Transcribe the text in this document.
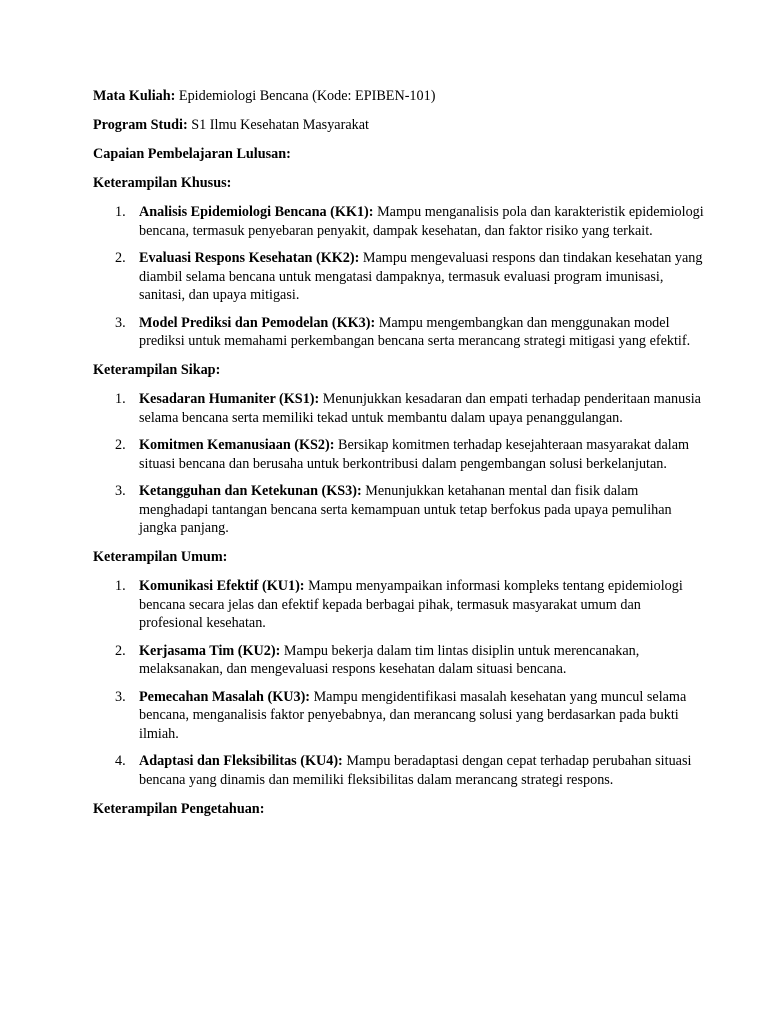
Mata Kuliah: Epidemiologi Bencana (Kode: EPIBEN-101)

Program Studi: S1 Ilmu Kesehatan Masyarakat

Capaian Pembelajaran Lulusan:
Keterampilan Khusus:
1. Analisis Epidemiologi Bencana (KK1): Mampu menganalisis pola dan karakteristik epidemiologi bencana, termasuk penyebaran penyakit, dampak kesehatan, dan faktor risiko yang terkait.
2. Evaluasi Respons Kesehatan (KK2): Mampu mengevaluasi respons dan tindakan kesehatan yang diambil selama bencana untuk mengatasi dampaknya, termasuk evaluasi program imunisasi, sanitasi, dan upaya mitigasi.
3. Model Prediksi dan Pemodelan (KK3): Mampu mengembangkan dan menggunakan model prediksi untuk memahami perkembangan bencana serta merancang strategi mitigasi yang efektif.
Keterampilan Sikap:
1. Kesadaran Humaniter (KS1): Menunjukkan kesadaran dan empati terhadap penderitaan manusia selama bencana serta memiliki tekad untuk membantu dalam upaya penanggulangan.
2. Komitmen Kemanusiaan (KS2): Bersikap komitmen terhadap kesejahteraan masyarakat dalam situasi bencana dan berusaha untuk berkontribusi dalam pengembangan solusi berkelanjutan.
3. Ketangguhan dan Ketekunan (KS3): Menunjukkan ketahanan mental dan fisik dalam menghadapi tantangan bencana serta kemampuan untuk tetap berfokus pada upaya pemulihan jangka panjang.
Keterampilan Umum:
1. Komunikasi Efektif (KU1): Mampu menyampaikan informasi kompleks tentang epidemiologi bencana secara jelas dan efektif kepada berbagai pihak, termasuk masyarakat umum dan profesional kesehatan.
2. Kerjasama Tim (KU2): Mampu bekerja dalam tim lintas disiplin untuk merencanakan, melaksanakan, dan mengevaluasi respons kesehatan dalam situasi bencana.
3. Pemecahan Masalah (KU3): Mampu mengidentifikasi masalah kesehatan yang muncul selama bencana, menganalisis faktor penyebabnya, dan merancang solusi yang berdasarkan pada bukti ilmiah.
4. Adaptasi dan Fleksibilitas (KU4): Mampu beradaptasi dengan cepat terhadap perubahan situasi bencana yang dinamis dan memiliki fleksibilitas dalam merancang strategi respons.
Keterampilan Pengetahuan:
